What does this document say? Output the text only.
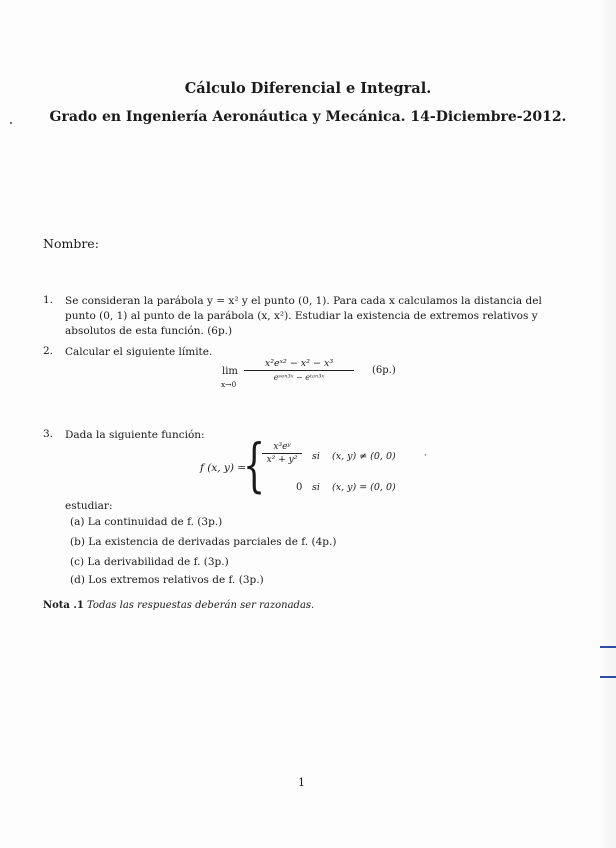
Cálculo Diferencial e Integral.
Grado en Ingeniería Aeronáutica y Mecánica. 14-Diciembre-2012.
Nombre:
1. Se consideran la parábola y = x² y el punto (0, 1). Para cada x calculamos la distancia del punto (0, 1) al punto de la parábola (x, x²). Estudiar la existencia de extremos relativos y absolutos de esta función. (6p.)
2. Calcular el siguiente límite.
lim
x→0
x²eˣ² − x² − x³
eˢᵉⁿ³ˣ − eᵗᵃⁿ³ˣ
(6p.)
3. Dada la siguiente función:
f (x, y) =
{
$\frac{\text{x³eʸ}}{\text{x² + y²}}$ si (x, y) ≠ (0, 0)	·
0 si (x, y) = (0, 0)
estudiar:
(a) La continuidad de f. (3p.)
(b) La existencia de derivadas parciales de f. (4p.)
(c) La derivabilidad de f. (3p.)
(d) Los extremos relativos de f. (3p.)
Nota .1 Todas las respuestas deberán ser razonadas.
1
